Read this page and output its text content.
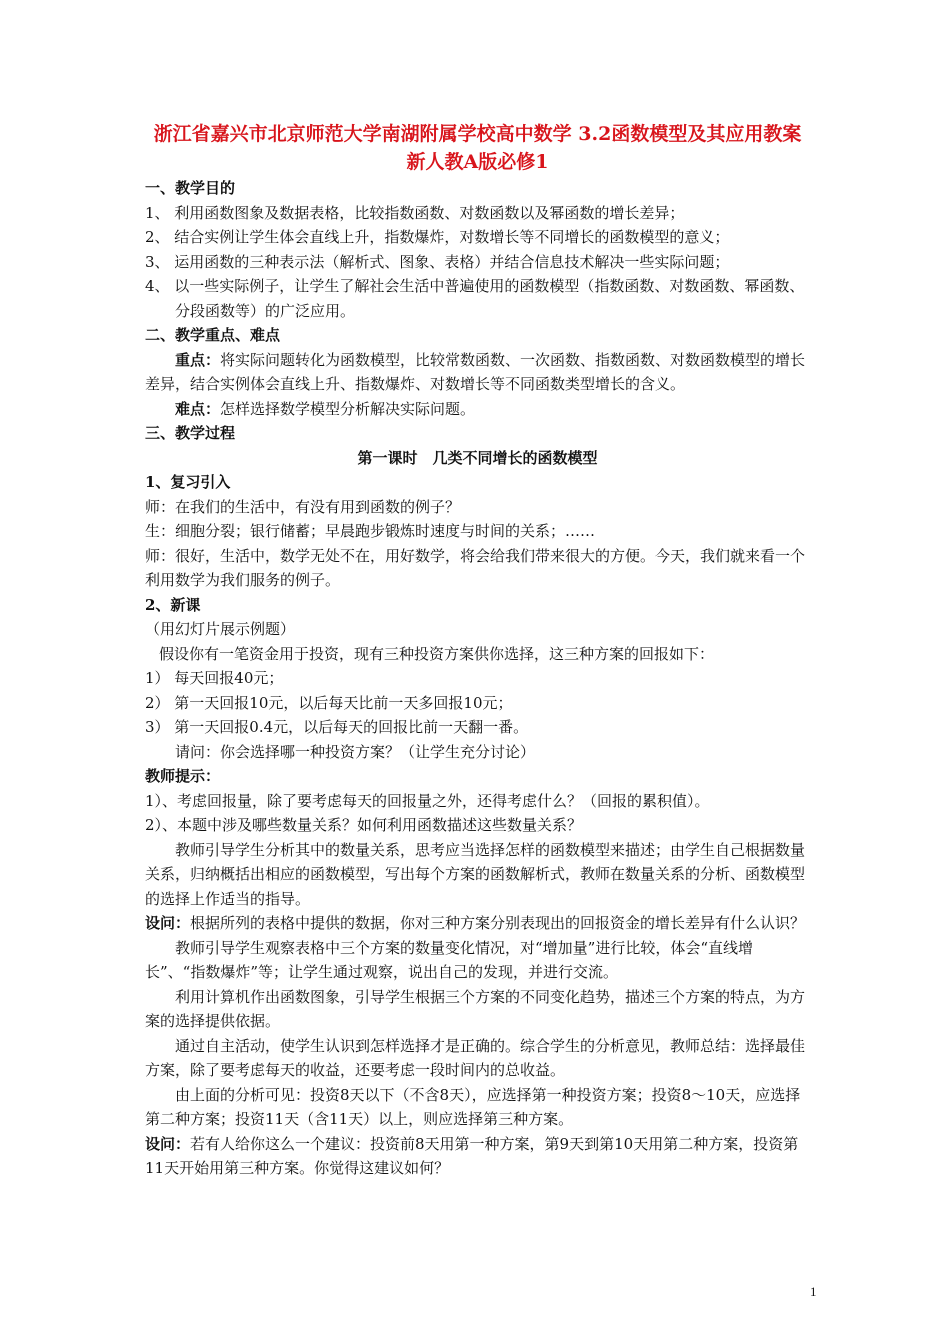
浙江省嘉兴市北京师范大学南湖附属学校高中数学 3.2函数模型及其应用教案 新人教A版必修1

一、教学目的

1、 利用函数图象及数据表格，比较指数函数、对数函数以及幂函数的增长差异；

2、 结合实例让学生体会直线上升，指数爆炸，对数增长等不同增长的函数模型的意义；

3、 运用函数的三种表示法（解析式、图象、表格）并结合信息技术解决一些实际问题；

4、 以一些实际例子，让学生了解社会生活中普遍使用的函数模型（指数函数、对数函数、幂函数、分段函数等）的广泛应用。

二、教学重点、难点

重点：将实际问题转化为函数模型，比较常数函数、一次函数、指数函数、对数函数模型的增长差异，结合实例体会直线上升、指数爆炸、对数增长等不同函数类型增长的含义。

难点：怎样选择数学模型分析解决实际问题。

三、教学过程

第一课时　几类不同增长的函数模型

1、复习引入

师：在我们的生活中，有没有用到函数的例子？

生：细胞分裂；银行储蓄；早晨跑步锻炼时速度与时间的关系；……

师：很好，生活中，数学无处不在，用好数学，将会给我们带来很大的方便。今天，我们就来看一个利用数学为我们服务的例子。

2、新课

（用幻灯片展示例题）

假设你有一笔资金用于投资，现有三种投资方案供你选择，这三种方案的回报如下：

1） 每天回报40元；

2） 第一天回报10元，以后每天比前一天多回报10元；

3） 第一天回报0.4元，以后每天的回报比前一天翻一番。

请问：你会选择哪一种投资方案？（让学生充分讨论）

教师提示：

1）、考虑回报量，除了要考虑每天的回报量之外，还得考虑什么？（回报的累积值）。

2）、本题中涉及哪些数量关系？如何利用函数描述这些数量关系？

教师引导学生分析其中的数量关系，思考应当选择怎样的函数模型来描述；由学生自己根据数量关系，归纳概括出相应的函数模型，写出每个方案的函数解析式，教师在数量关系的分析、函数模型的选择上作适当的指导。

设问：根据所列的表格中提供的数据，你对三种方案分别表现出的回报资金的增长差异有什么认识？

教师引导学生观察表格中三个方案的数量变化情况，对“增加量”进行比较，体会“直线增长”、“指数爆炸”等；让学生通过观察，说出自己的发现，并进行交流。

利用计算机作出函数图象，引导学生根据三个方案的不同变化趋势，描述三个方案的特点，为方案的选择提供依据。

通过自主活动，使学生认识到怎样选择才是正确的。综合学生的分析意见，教师总结：选择最佳方案，除了要考虑每天的收益，还要考虑一段时间内的总收益。

由上面的分析可见：投资8天以下（不含8天），应选择第一种投资方案；投资8～10天，应选择第二种方案；投资11天（含11天）以上，则应选择第三种方案。

设问：若有人给你这么一个建议：投资前8天用第一种方案，第9天到第10天用第二种方案，投资第11天开始用第三种方案。你觉得这建议如何？

1
